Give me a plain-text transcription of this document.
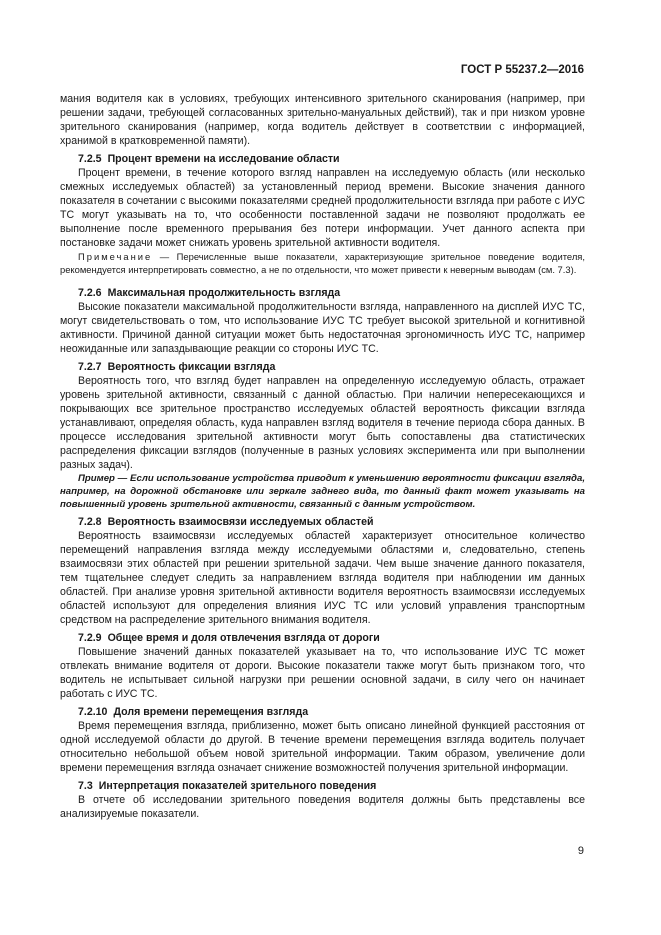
ГОСТ Р 55237.2—2016

мания водителя как в условиях, требующих интенсивного зрительного сканирования (например, при решении задачи, требующей согласованных зрительно-мануальных действий), так и при низком уровне зрительного сканирования (например, когда водитель действует в соответствии с информацией, хранимой в кратковременной памяти).

7.2.5 Процент времени на исследование области

Процент времени, в течение которого взгляд направлен на исследуемую область (или несколько смежных исследуемых областей) за установленный период времени. Высокие значения данного показателя в сочетании с высокими показателями средней продолжительности взгляда при работе с ИУС ТС могут указывать на то, что особенности поставленной задачи не позволяют продолжать ее выполнение после временного прерывания без потери информации. Учет данного аспекта при постановке задачи может снижать уровень зрительной активности водителя.

Примечание — Перечисленные выше показатели, характеризующие зрительное поведение водителя, рекомендуется интерпретировать совместно, а не по отдельности, что может привести к неверным выводам (см. 7.3).

7.2.6 Максимальная продолжительность взгляда

Высокие показатели максимальной продолжительности взгляда, направленного на дисплей ИУС ТС, могут свидетельствовать о том, что использование ИУС ТС требует высокой зрительной и когнитивной активности. Причиной данной ситуации может быть недостаточная эргономичность ИУС ТС, например неожиданные или запаздывающие реакции со стороны ИУС ТС.

7.2.7 Вероятность фиксации взгляда

Вероятность того, что взгляд будет направлен на определенную исследуемую область, отражает уровень зрительной активности, связанный с данной областью. При наличии непересекающихся и покрывающих все зрительное пространство исследуемых областей вероятность фиксации взгляда устанавливают, определяя область, куда направлен взгляд водителя в течение периода сбора данных. В процессе исследования зрительной активности могут быть сопоставлены два статистических распределения фиксации взглядов (полученные в разных условиях эксперимента или при выполнении разных задач).

Пример — Если использование устройства приводит к уменьшению вероятности фиксации взгляда, например, на дорожной обстановке или зеркале заднего вида, то данный факт может указывать на повышенный уровень зрительной активности, связанный с данным устройством.

7.2.8 Вероятность взаимосвязи исследуемых областей

Вероятность взаимосвязи исследуемых областей характеризует относительное количество перемещений направления взгляда между исследуемыми областями и, следовательно, степень взаимосвязи этих областей при решении зрительной задачи. Чем выше значение данного показателя, тем тщательнее следует следить за направлением взгляда водителя при наблюдении им данных областей. При анализе уровня зрительной активности водителя вероятность взаимосвязи исследуемых областей используют для определения влияния ИУС ТС или условий управления транспортным средством на распределение зрительного внимания водителя.

7.2.9 Общее время и доля отвлечения взгляда от дороги

Повышение значений данных показателей указывает на то, что использование ИУС ТС может отвлекать внимание водителя от дороги. Высокие показатели также могут быть признаком того, что водитель не испытывает сильной нагрузки при решении основной задачи, в силу чего он начинает работать с ИУС ТС.

7.2.10 Доля времени перемещения взгляда

Время перемещения взгляда, приблизенно, может быть описано линейной функцией расстояния от одной исследуемой области до другой. В течение времени перемещения взгляда водитель получает относительно небольшой объем новой зрительной информации. Таким образом, увеличение доли времени перемещения взгляда означает снижение возможностей получения зрительной информации.

7.3 Интерпретация показателей зрительного поведения

В отчете об исследовании зрительного поведения водителя должны быть представлены все анализируемые показатели.

9
